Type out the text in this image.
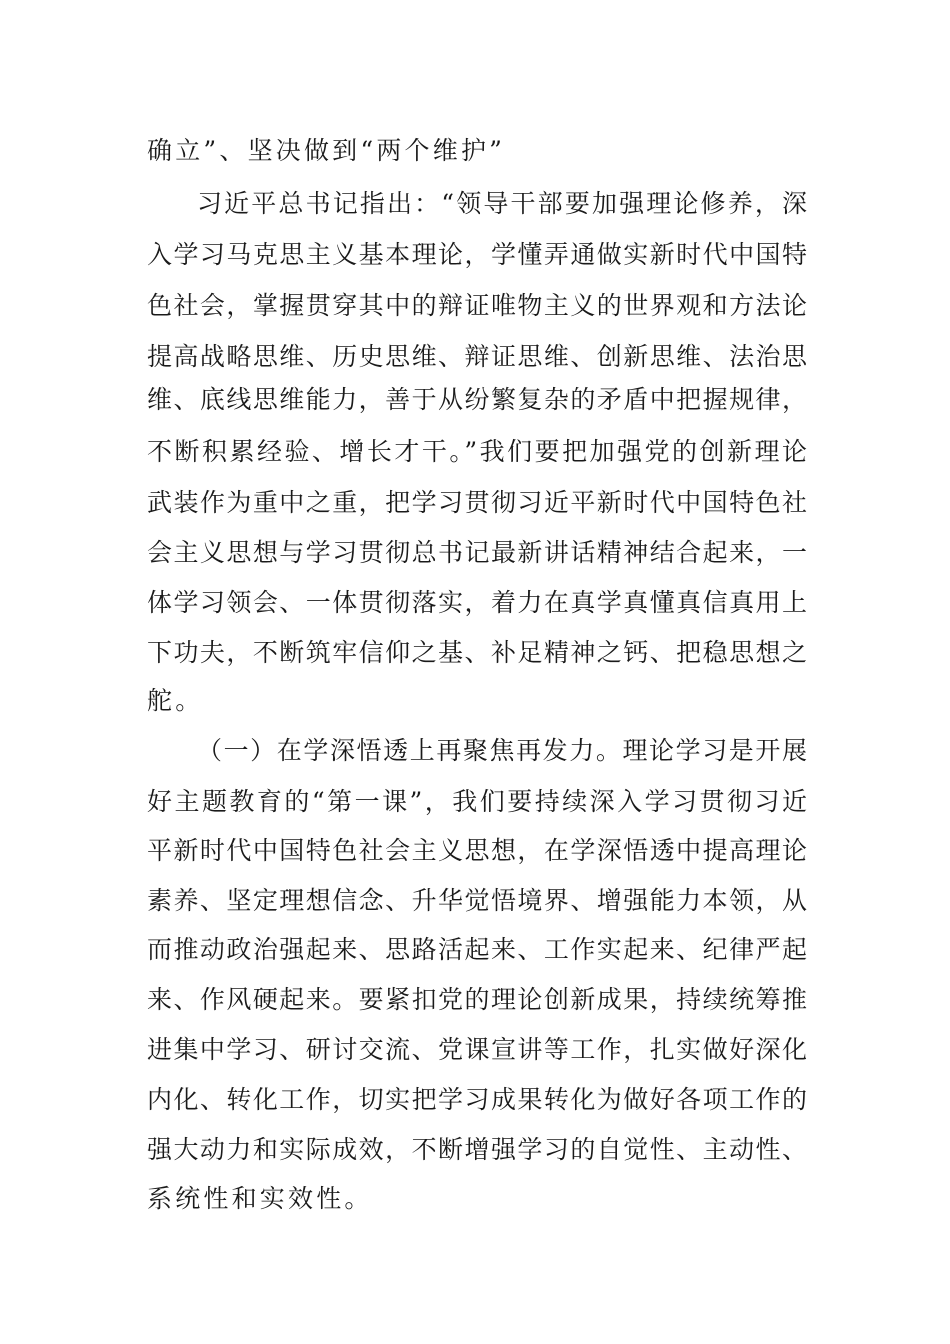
确立”、坚决做到“两个维护”
习近平总书记指出：“领导干部要加强理论修养，深
入学习马克思主义基本理论，学懂弄通做实新时代中国特
色社会，掌握贯穿其中的辩证唯物主义的世界观和方法论
提高战略思维、历史思维、辩证思维、创新思维、法治思
维、底线思维能力，善于从纷繁复杂的矛盾中把握规律，
不断积累经验、增长才干。”我们要把加强党的创新理论
武装作为重中之重，把学习贯彻习近平新时代中国特色社
会主义思想与学习贯彻总书记最新讲话精神结合起来，一
体学习领会、一体贯彻落实，着力在真学真懂真信真用上
下功夫，不断筑牢信仰之基、补足精神之钙、把稳思想之
舵。
（一）在学深悟透上再聚焦再发力。理论学习是开展
好主题教育的“第一课”，我们要持续深入学习贯彻习近
平新时代中国特色社会主义思想，在学深悟透中提高理论
素养、坚定理想信念、升华觉悟境界、增强能力本领，从
而推动政治强起来、思路活起来、工作实起来、纪律严起
来、作风硬起来。要紧扣党的理论创新成果，持续统筹推
进集中学习、研讨交流、党课宣讲等工作，扎实做好深化
内化、转化工作，切实把学习成果转化为做好各项工作的
强大动力和实际成效，不断增强学习的自觉性、主动性、
系统性和实效性。
